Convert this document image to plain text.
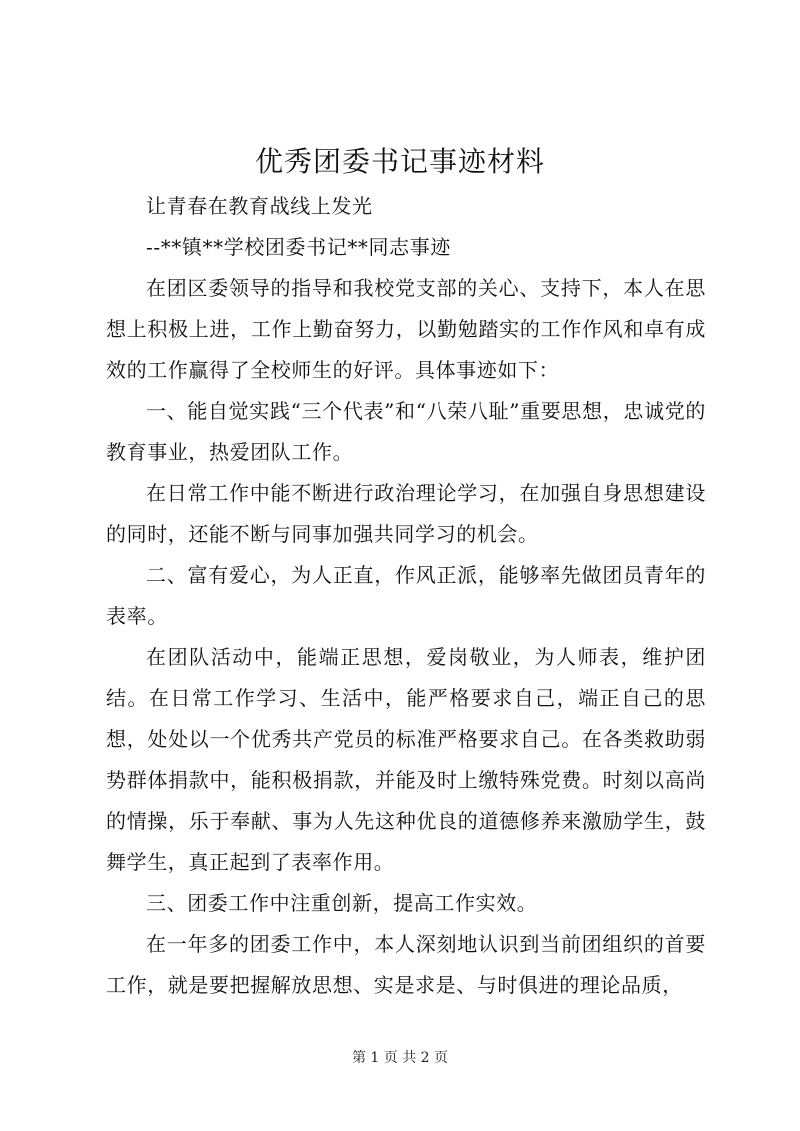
优秀团委书记事迹材料

让青春在教育战线上发光

--**镇**学校团委书记**同志事迹

在团区委领导的指导和我校党支部的关心、支持下，本人在思想上积极上进，工作上勤奋努力，以勤勉踏实的工作作风和卓有成效的工作赢得了全校师生的好评。具体事迹如下：

一、能自觉实践“三个代表”和“八荣八耻”重要思想，忠诚党的教育事业，热爱团队工作。

在日常工作中能不断进行政治理论学习，在加强自身思想建设的同时，还能不断与同事加强共同学习的机会。

二、富有爱心，为人正直，作风正派，能够率先做团员青年的表率。

在团队活动中，能端正思想，爱岗敬业，为人师表，维护团结。在日常工作学习、生活中，能严格要求自己，端正自己的思想，处处以一个优秀共产党员的标准严格要求自己。在各类救助弱势群体捐款中，能积极捐款，并能及时上缴特殊党费。时刻以高尚的情操，乐于奉献、事为人先这种优良的道德修养来激励学生，鼓舞学生，真正起到了表率作用。

三、团委工作中注重创新，提高工作实效。

在一年多的团委工作中，本人深刻地认识到当前团组织的首要工作，就是要把握解放思想、实是求是、与时俱进的理论品质，

第 1 页 共 2 页
